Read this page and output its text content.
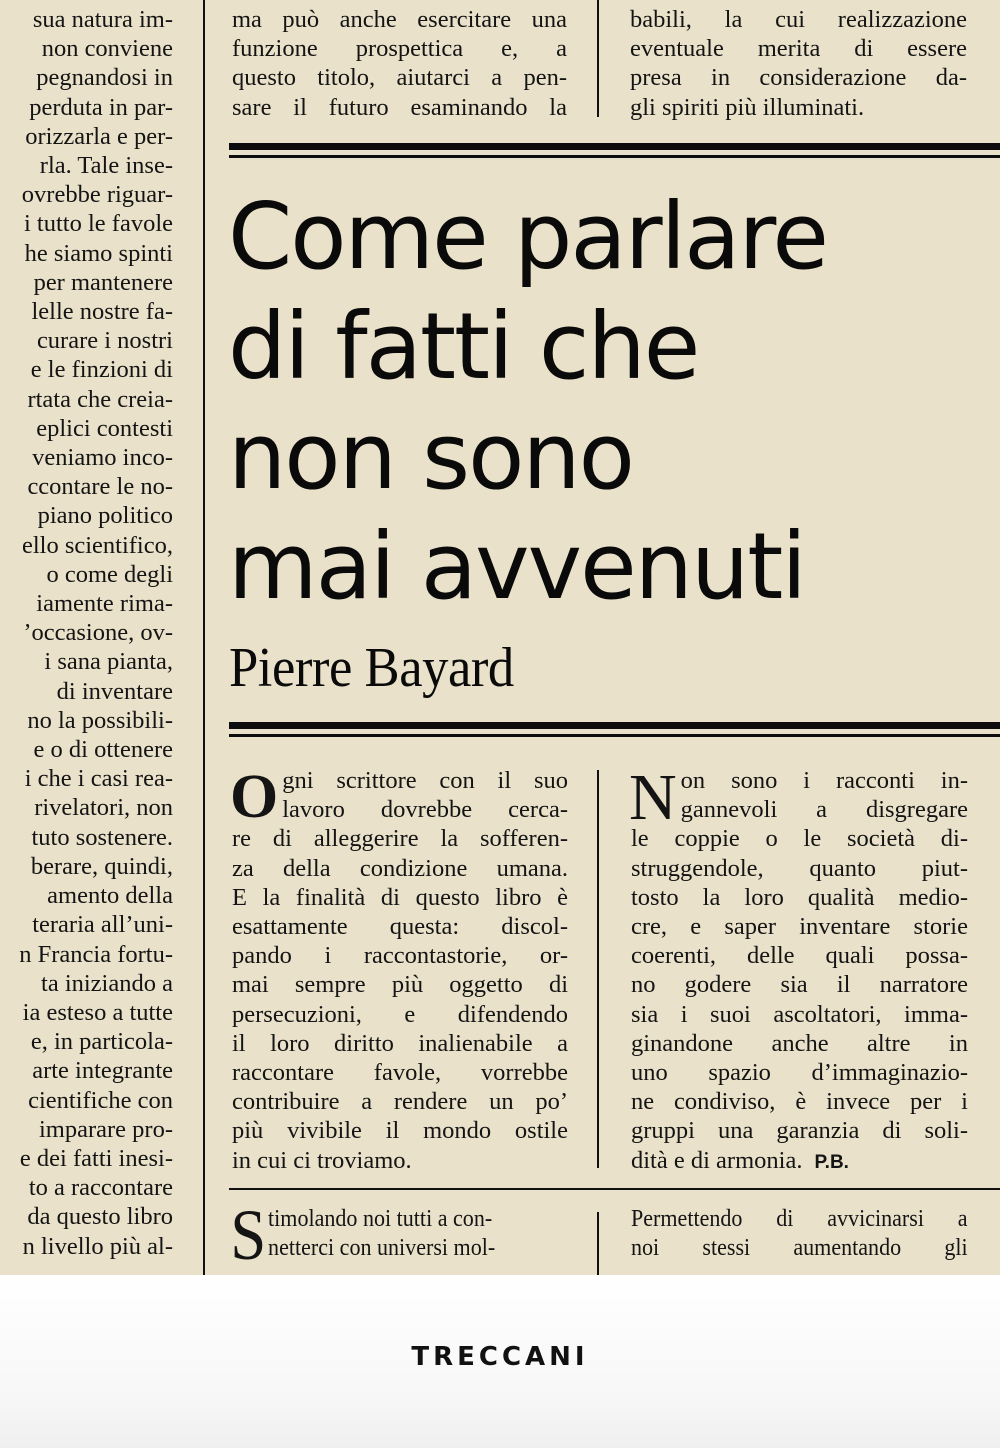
sua natura im-
non conviene
pegnandosi in
perduta in par-
orizzarla e per-
rla. Tale inse-
ovrebbe riguar-
i tutto le favole
he siamo spinti
per mantenere
lelle nostre fa-
curare i nostri
e le finzioni di
rtata che creia-
eplici contesti
veniamo inco-
ccontare le no-
piano politico
ello scientifico,
o come degli
iamente rima-
’occasione, ov-
i sana pianta,
di inventare
no la possibili-
e o di ottenere
i che i casi rea-
rivelatori, non
tuto sostenere.
berare, quindi,
amento della
teraria all’uni-
n Francia fortu-
ta iniziando a
ia esteso a tutte
e, in particola-
arte integrante
cientifiche con
imparare pro-
e dei fatti inesi-
to a raccontare
da questo libro
n livello più al-
ma può anche esercitare una
funzione prospettica e, a
questo titolo, aiutarci a pen-
sare il futuro esaminando la
babili, la cui realizzazione
eventuale merita di essere
presa in considerazione da-
gli spiriti più illuminati.
Come parlare
di fatti che
non sono
mai avvenuti
Pierre Bayard
O gni scrittore con il suo
lavoro dovrebbe cerca-
re di alleggerire la sofferen-
za della condizione umana.
E la finalità di questo libro è
esattamente questa: discol-
pando i raccontastorie, or-
mai sempre più oggetto di
persecuzioni, e difendendo
il loro diritto inalienabile a
raccontare favole, vorrebbe
contribuire a rendere un po’
più vivibile il mondo ostile
in cui ci troviamo.
N on sono i racconti in-
gannevoli a disgregare
le coppie o le società di-
struggendole, quanto piut-
tosto la loro qualità medio-
cre, e saper inventare storie
coerenti, delle quali possa-
no godere sia il narratore
sia i suoi ascoltatori, imma-
ginandone anche altre in
uno spazio d’immaginazio-
ne condiviso, è invece per i
gruppi una garanzia di soli-
dità e di armonia. P.B.
S timolando noi tutti a con-
netterci con universi mol-
Permettendo di avvicinarsi a
noi stessi aumentando gli
TRECCANI
